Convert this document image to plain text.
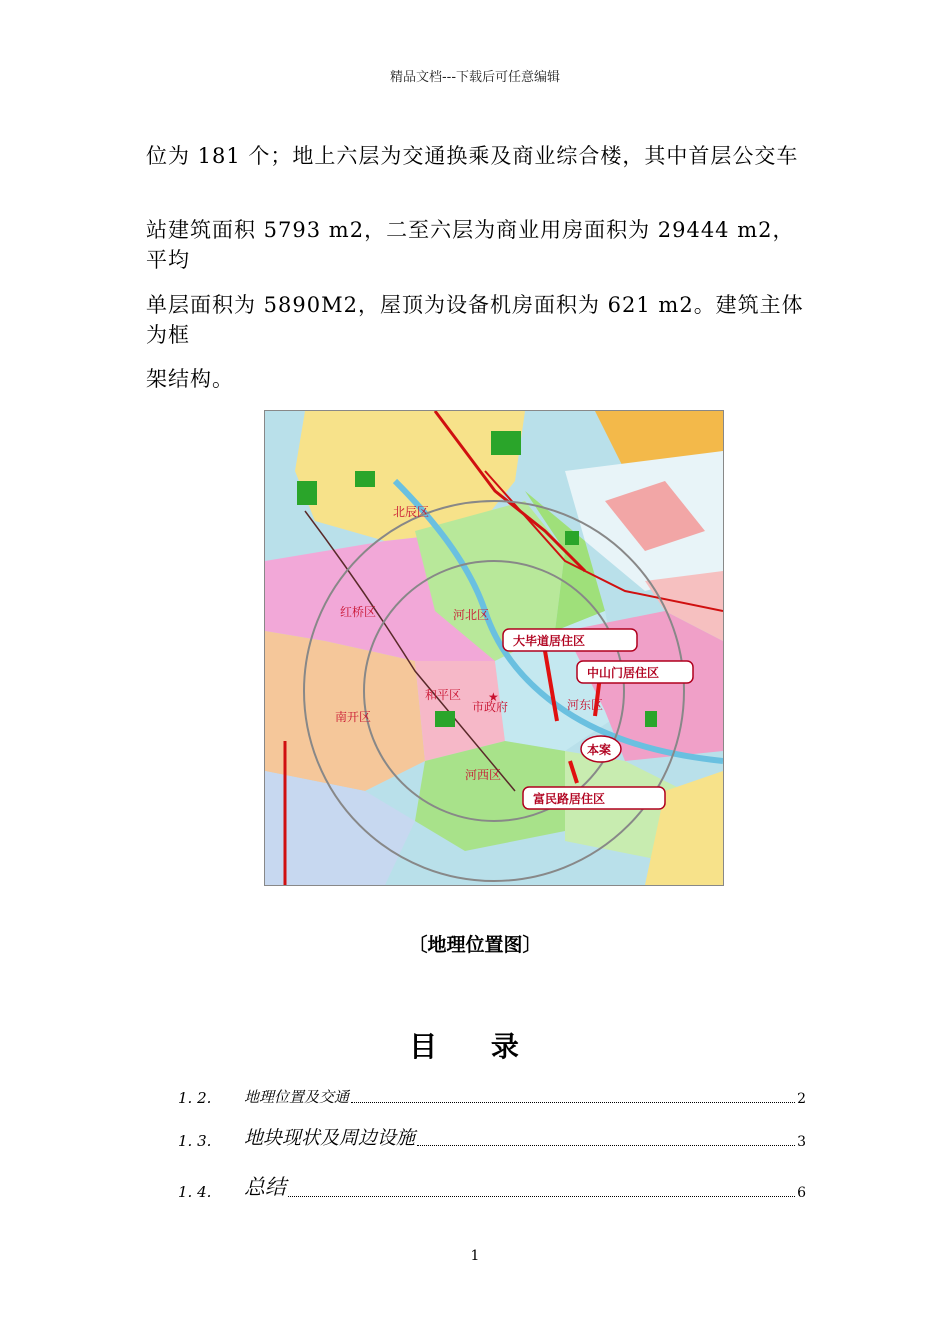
精品文档---下载后可任意编辑
位为 181 个；地上六层为交通换乘及商业综合楼，其中首层公交车
站建筑面积 5793 m2，二至六层为商业用房面积为 29444 m2，平均
单层面积为 5890M2，屋顶为设备机房面积为 621 m2。建筑主体为框
架结构。
北辰区
红桥区	河北区
和平区 ★
市政府
南开区
河东区
河西区
大毕道居住区
中山门居住区
本案
富民路居住区
〔地理位置图〕
目 录
1. 2.	地理位置及交通	2
1. 3.	地块现状及周边设施	3
1. 4.	总结	6
1
